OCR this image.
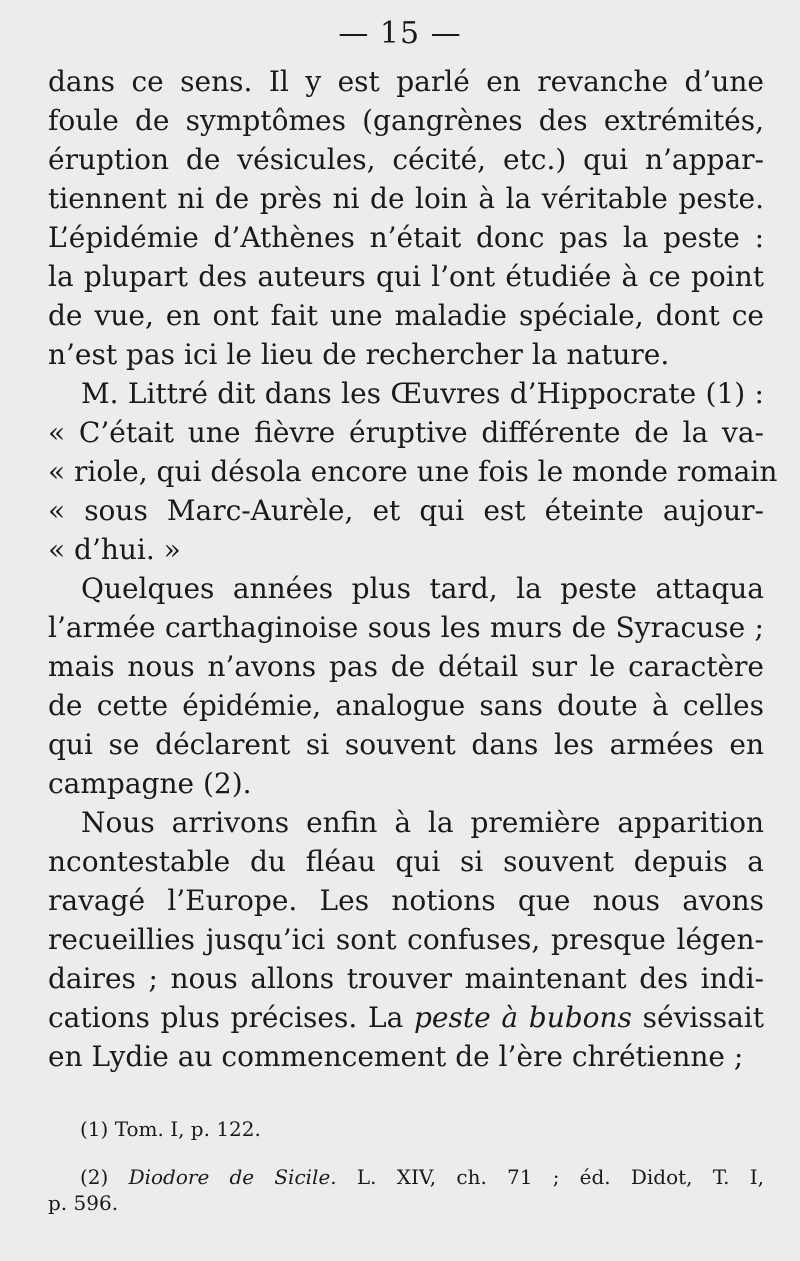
— 15 —
dans ce sens. Il y est parlé en revanche d’une
foule de symptômes (gangrènes des extrémités,
éruption de vésicules, cécité, etc.) qui n’appar-
tiennent ni de près ni de loin à la véritable peste.
L’épidémie d’Athènes n’était donc pas la peste :
la plupart des auteurs qui l’ont étudiée à ce point
de vue, en ont fait une maladie spéciale, dont ce
n’est pas ici le lieu de rechercher la nature.
M. Littré dit dans les Œuvres d’Hippocrate (1) :
« C’était une fièvre éruptive différente de la va-
« riole, qui désola encore une fois le monde romain
« sous Marc-Aurèle, et qui est éteinte aujour-
« d’hui. »
Quelques années plus tard, la peste attaqua
l’armée carthaginoise sous les murs de Syracuse ;
mais nous n’avons pas de détail sur le caractère
de cette épidémie, analogue sans doute à celles
qui se déclarent si souvent dans les armées en
campagne (2).
Nous arrivons enfin à la première apparition
ncontestable du fléau qui si souvent depuis a
ravagé l’Europe. Les notions que nous avons
recueillies jusqu’ici sont confuses, presque légen-
daires ; nous allons trouver maintenant des indi-
cations plus précises. La peste à bubons sévissait
en Lydie au commencement de l’ère chrétienne ;
(1) Tom. I, p. 122.
(2) Diodore de Sicile. L. XIV, ch. 71 ; éd. Didot, T. I,
p. 596.
